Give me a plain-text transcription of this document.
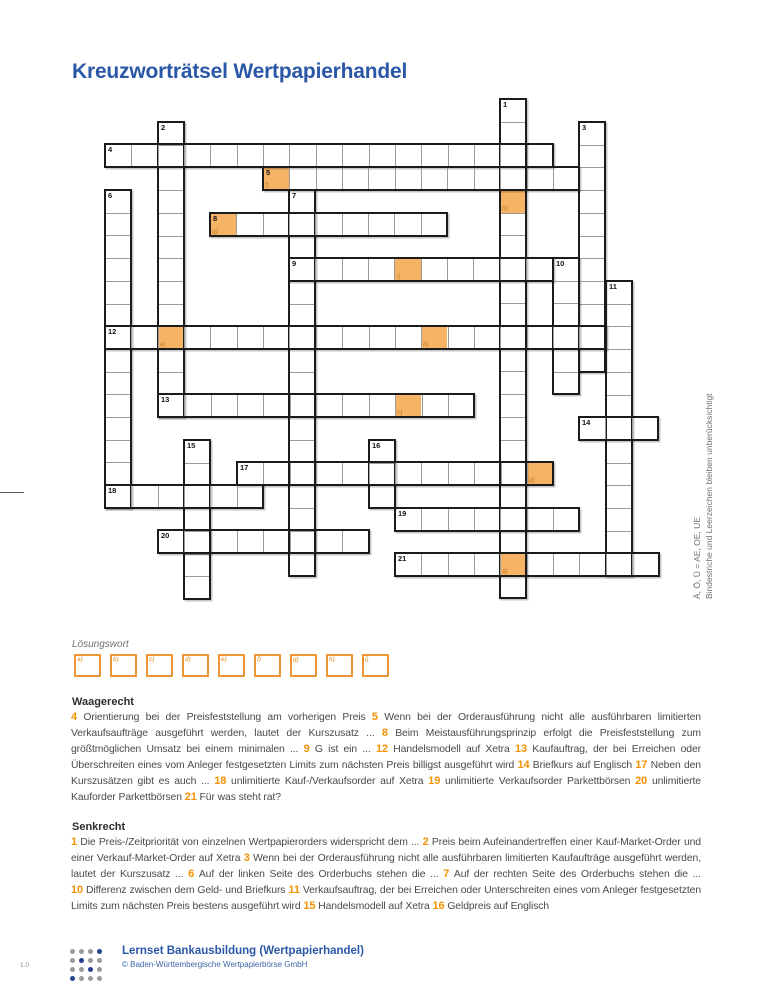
Kreuzworträtsel Wertpapierhandel
a)
b)
c)
d)
e)
f)
g)
h)
i)
1
2	3
4
5
6	7
8
9	10
11
12
13
14
15	16
17
18
19
20
21
Lösungswort
a)	b)	c)	d)	e)	f)	g)	h)	i)
Ä, Ö, Ü = AE, OE, UE Bindestriche und Leerzeichen bleiben unberücksichtigt
Waagerecht
4 Orientierung bei der Preisfeststellung am vorherigen Preis 5 Wenn bei der Orderausführung nicht alle ausführbaren limitierten Verkaufsaufträge ausgeführt werden, lautet der Kurszusatz ... 8 Beim Meistausführungsprinzip erfolgt die Preisfeststellung zum größtmöglichen Umsatz bei einem minimalen ... 9 G ist ein ... 12 Handelsmodell auf Xetra 13 Kaufauftrag, der bei Erreichen oder Überschreiten eines vom Anleger festgesetzten Limits zum nächsten Preis billigst ausgeführt wird 14 Briefkurs auf Englisch 17 Neben den Kurszusätzen gibt es auch ... 18 unlimitierte Kauf-/Verkaufsorder auf Xetra 19 unlimitierte Verkaufsorder Parkettbörsen 20 unlimitierte Kauforder Parkettbörsen 21 Für was steht rat?
Senkrecht
1 Die Preis-/Zeitpriorität von einzelnen Wertpapierorders widerspricht dem ... 2 Preis beim Aufeinandertreffen einer Kauf-Market-Order und einer Verkauf-Market-Order auf Xetra 3 Wenn bei der Orderausführung nicht alle ausführbaren limitierten Kaufaufträge ausgeführt werden, lautet der Kurszusatz ... 6 Auf der linken Seite des Orderbuchs stehen die ... 7 Auf der rechten Seite des Orderbuchs stehen die ... 10 Differenz zwischen dem Geld- und Briefkurs 11 Verkaufsauftrag, der bei Erreichen oder Unterschreiten eines vom Anleger festgesetzten Limits zum nächsten Preis bestens ausgeführt wird 15 Handelsmodell auf Xetra 16 Geldpreis auf Englisch
1.0
Lernset Bankausbildung (Wertpapierhandel)
© Baden-Württembergische Wertpapierbörse GmbH
